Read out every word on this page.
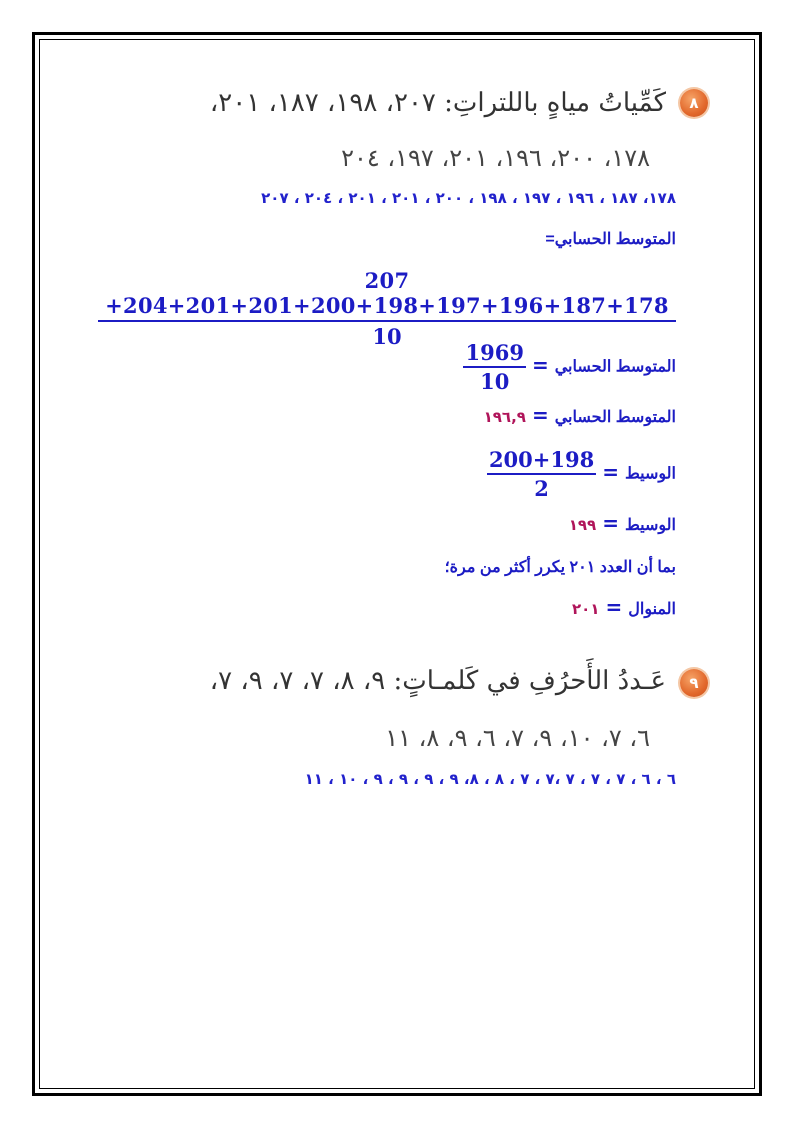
٨
كَمِّياتُ مياهٍ باللتراتِ: ٢٠٧، ١٩٨، ١٨٧، ٢٠١،
١٧٨، ٢٠٠، ١٩٦، ٢٠١، ١٩٧، ٢٠٤
١٧٨، ١٨٧ ، ١٩٦ ، ١٩٧ ، ١٩٨ ، ٢٠٠ ، ٢٠١ ، ٢٠١ ، ٢٠٤ ، ٢٠٧
المتوسط الحسابي=
$\frac{207 +204+201+201+200+198+197+196+187+178}{10}$
المتوسط الحسابي=
$\frac{1969}{10}$
المتوسط الحسابي=١٩٦,٩
الوسيط=
$\frac{200+198}{2}$
الوسيط=١٩٩
بما أن العدد ٢٠١ يكرر أكثر من مرة؛
المنوال=٢٠١
٩
عَـددُ الأَحرُفِ في كَلمـاتٍ: ٩، ٨، ٧، ٧، ٩، ٧،
٦، ٧، ١٠، ٩، ٧، ٦، ٩، ٨، ١١
٦ ، ٦ ، ٧ ، ٧ ، ٧ ،٧ ، ٧ ، ٨ ، ٨، ٩ ، ٩ ، ٩ ، ٩ ، ١٠ ، ١١
